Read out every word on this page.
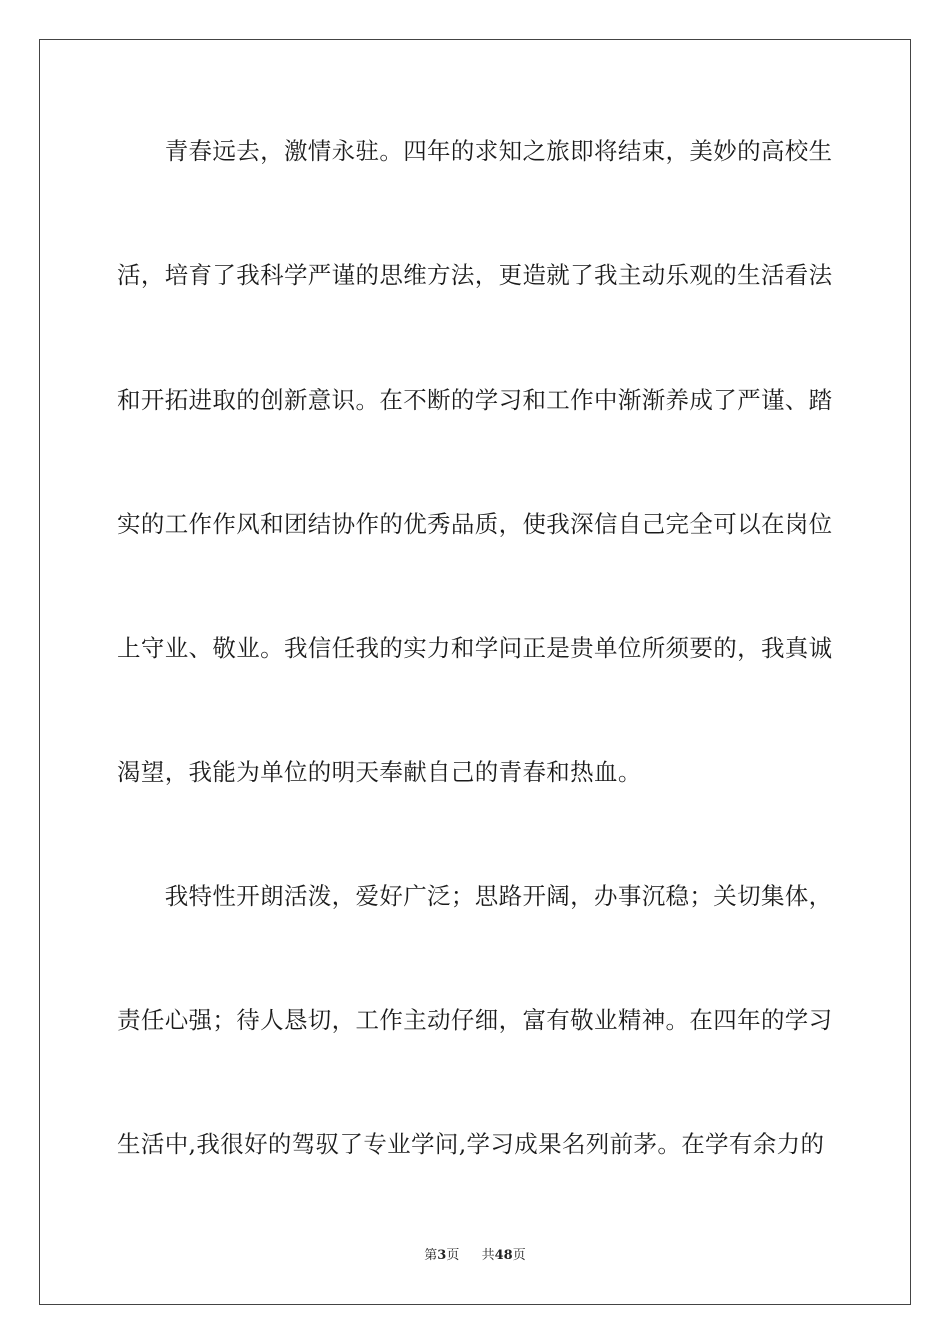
　　青春远去，激情永驻。四年的求知之旅即将结束，美妙的高校生
活，培育了我科学严谨的思维方法，更造就了我主动乐观的生活看法
和开拓进取的创新意识。在不断的学习和工作中渐渐养成了严谨、踏
实的工作作风和团结协作的优秀品质，使我深信自己完全可以在岗位
上守业、敬业。我信任我的实力和学问正是贵单位所须要的，我真诚
渴望，我能为单位的明天奉献自己的青春和热血。
　　我特性开朗活泼，爱好广泛；思路开阔，办事沉稳；关切集体，
责任心强；待人恳切，工作主动仔细，富有敬业精神。在四年的学习
生活中,我很好的驾驭了专业学问,学习成果名列前茅。在学有余力的
第3页 共48页
